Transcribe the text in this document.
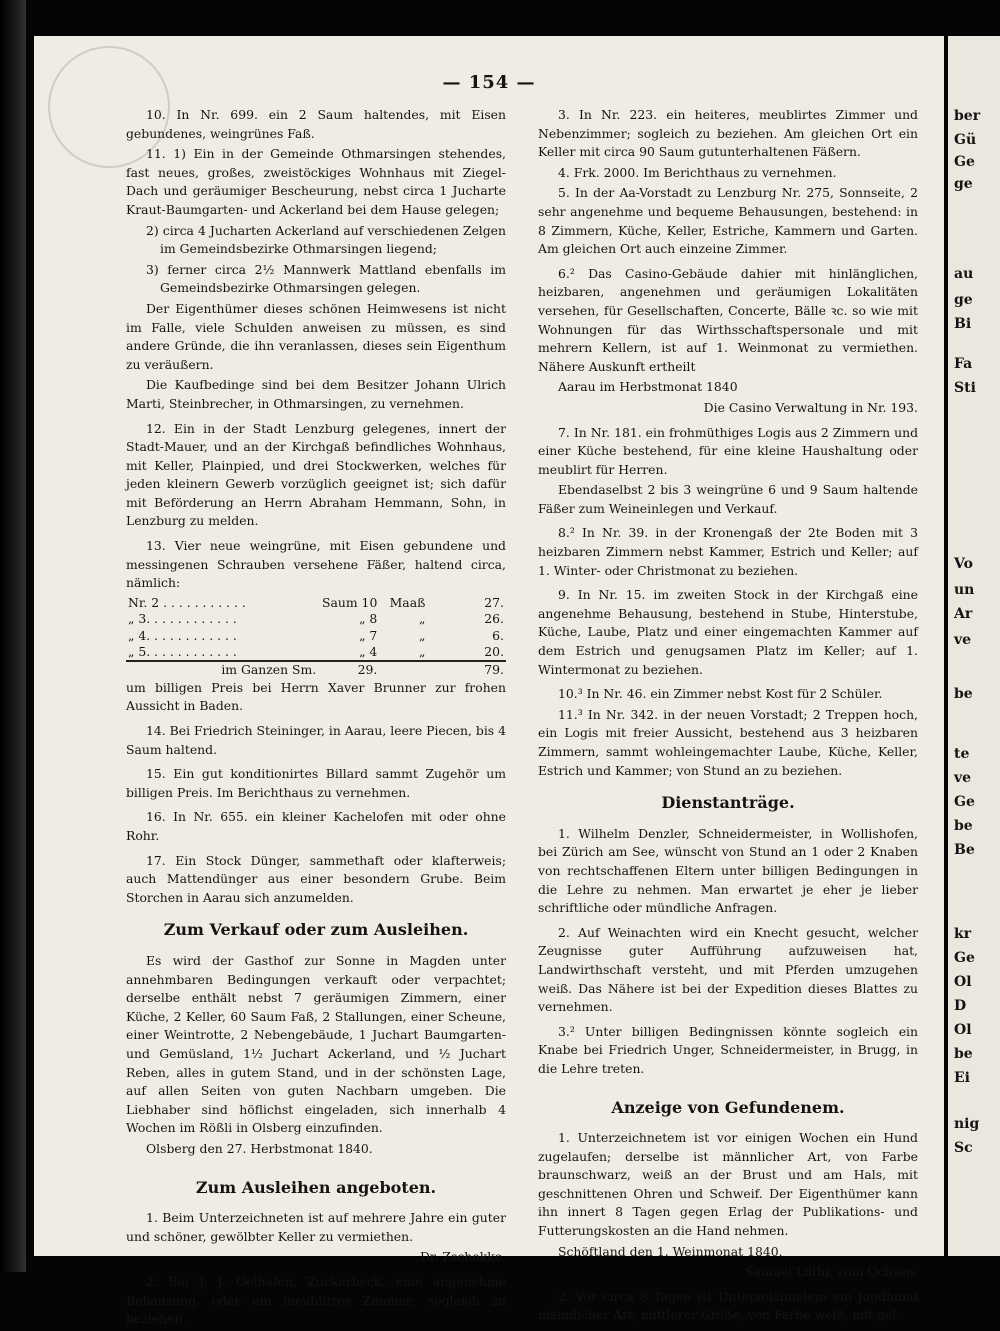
— 154 —

10. In Nr. 699. ein 2 Saum haltendes, mit Eisen gebundenes, weingrünes Faß.

11. 1) Ein in der Gemeinde Othmarsingen stehendes, fast neues, großes, zweistöckiges Wohnhaus mit Ziegel-Dach und geräumiger Bescheurung, nebst circa 1 Jucharte Kraut-Baumgarten- und Ackerland bei dem Hause gelegen;

2) circa 4 Jucharten Ackerland auf verschiedenen Zelgen im Gemeindsbezirke Othmarsingen liegend;

3) ferner circa 2½ Mannwerk Mattland ebenfalls im Gemeindsbezirke Othmarsingen gelegen.

Der Eigenthümer dieses schönen Heimwesens ist nicht im Falle, viele Schulden anweisen zu müssen, es sind andere Gründe, die ihn veranlassen, dieses sein Eigenthum zu veräußern.

Die Kaufbedinge sind bei dem Besitzer Johann Ulrich Marti, Steinbrecher, in Othmarsingen, zu vernehmen.

12. Ein in der Stadt Lenzburg gelegenes, innert der Stadt-Mauer, und an der Kirchgaß befindliches Wohnhaus, mit Keller, Plainpied, und drei Stockwerken, welches für jeden kleinern Gewerb vorzüglich geeignet ist; sich dafür mit Beförderung an Herrn Abraham Hemmann, Sohn, in Lenzburg zu melden.

13. Vier neue weingrüne, mit Eisen gebundene und messingenen Schrauben versehene Fäßer, haltend circa, nämlich:

Nr. 2 . . . . . . . . . . .	Saum 10	Maaß	27.
„ 3. . . . . . . . . . . .	„ 8	„	26.
„ 4. . . . . . . . . . . .	„ 7	„	6.
„ 5. . . . . . . . . . . .	„ 4	„	20.
im Ganzen Sm.	29.		79.

um billigen Preis bei Herrn Xaver Brunner zur frohen Aussicht in Baden.

14. Bei Friedrich Steininger, in Aarau, leere Piecen, bis 4 Saum haltend.

15. Ein gut konditionirtes Billard sammt Zugehör um billigen Preis. Im Berichthaus zu vernehmen.

16. In Nr. 655. ein kleiner Kachelofen mit oder ohne Rohr.

17. Ein Stock Dünger, sammethaft oder klafterweis; auch Mattendünger aus einer besondern Grube. Beim Storchen in Aarau sich anzumelden.

Zum Verkauf oder zum Ausleihen.

Es wird der Gasthof zur Sonne in Magden unter annehmbaren Bedingungen verkauft oder verpachtet; derselbe enthält nebst 7 geräumigen Zimmern, einer Küche, 2 Keller, 60 Saum Faß, 2 Stallungen, einer Scheune, einer Weintrotte, 2 Nebengebäude, 1 Juchart Baumgarten- und Gemüsland, 1½ Juchart Ackerland, und ½ Juchart Reben, alles in gutem Stand, und in der schönsten Lage, auf allen Seiten von guten Nachbarn umgeben. Die Liebhaber sind höflichst eingeladen, sich innerhalb 4 Wochen im Rößli in Olsberg einzufinden.

Olsberg den 27. Herbstmonat 1840.

Zum Ausleihen angeboten.

1. Beim Unterzeichneten ist auf mehrere Jahre ein guter und schöner, gewölbter Keller zu vermiethen.

Dr. Zschokke.

2. Bei J. J. Oelhafen, Zuckerbeck, eine angenehme Behausung, oder ein meublirtes Zimmer; sogleich zu beziehen.

3. In Nr. 223. ein heiteres, meublirtes Zimmer und Nebenzimmer; sogleich zu beziehen. Am gleichen Ort ein Keller mit circa 90 Saum gutunterhaltenen Fäßern.

4. Frk. 2000. Im Berichthaus zu vernehmen.

5. In der Aa-Vorstadt zu Lenzburg Nr. 275, Sonnseite, 2 sehr angenehme und bequeme Behausungen, bestehend: in 8 Zimmern, Küche, Keller, Estriche, Kammern und Garten. Am gleichen Ort auch einzeine Zimmer.

6.² Das Casino-Gebäude dahier mit hinlänglichen, heizbaren, angenehmen und geräumigen Lokalitäten versehen, für Gesellschaften, Concerte, Bälle ꝛc. so wie mit Wohnungen für das Wirthsschaftspersonale und mit mehrern Kellern, ist auf 1. Weinmonat zu vermiethen. Nähere Auskunft ertheilt

Aarau im Herbstmonat 1840

Die Casino Verwaltung in Nr. 193.

7. In Nr. 181. ein frohmüthiges Logis aus 2 Zimmern und einer Küche bestehend, für eine kleine Haushaltung oder meublirt für Herren.

Ebendaselbst 2 bis 3 weingrüne 6 und 9 Saum haltende Fäßer zum Weineinlegen und Verkauf.

8.² In Nr. 39. in der Kronengaß der 2te Boden mit 3 heizbaren Zimmern nebst Kammer, Estrich und Keller; auf 1. Winter- oder Christmonat zu beziehen.

9. In Nr. 15. im zweiten Stock in der Kirchgaß eine angenehme Behausung, bestehend in Stube, Hinterstube, Küche, Laube, Platz und einer eingemachten Kammer auf dem Estrich und genugsamen Platz im Keller; auf 1. Wintermonat zu beziehen.

10.³ In Nr. 46. ein Zimmer nebst Kost für 2 Schüler.

11.³ In Nr. 342. in der neuen Vorstadt; 2 Treppen hoch, ein Logis mit freier Aussicht, bestehend aus 3 heizbaren Zimmern, sammt wohleingemachter Laube, Küche, Keller, Estrich und Kammer; von Stund an zu beziehen.

Dienstanträge.

1. Wilhelm Denzler, Schneidermeister, in Wollishofen, bei Zürich am See, wünscht von Stund an 1 oder 2 Knaben von rechtschaffenen Eltern unter billigen Bedingungen in die Lehre zu nehmen. Man erwartet je eher je lieber schriftliche oder mündliche Anfragen.

2. Auf Weinachten wird ein Knecht gesucht, welcher Zeugnisse guter Aufführung aufzuweisen hat, Landwirthschaft versteht, und mit Pferden umzugehen weiß. Das Nähere ist bei der Expedition dieses Blattes zu vernehmen.

3.² Unter billigen Bedingnissen könnte sogleich ein Knabe bei Friedrich Unger, Schneidermeister, in Brugg, in die Lehre treten.

Anzeige von Gefundenem.

1. Unterzeichnetem ist vor einigen Wochen ein Hund zugelaufen; derselbe ist männlicher Art, von Farbe braunschwarz, weiß an der Brust und am Hals, mit geschnittenen Ohren und Schweif. Der Eigenthümer kann ihn innert 8 Tagen gegen Erlag der Publikations- und Futterungskosten an die Hand nehmen.

Schöftland den 1. Weinmonat 1840.

Samuel Lüthi, zum Ochsen.

2. Vor circa 8 Tagen ist Unterzeichnetem ein Jagdhund männlicher Art, mittlerer Größe, von Farbe weiß, mit gel-

ber
Gü
Ge
ge
au
ge
Bi
Fa
Sti
Vo
un
Ar
ve
be
te
ve
Ge
be
Be
kr
Ge
Ol
D
Ol
be
Ei
nig
Sc
